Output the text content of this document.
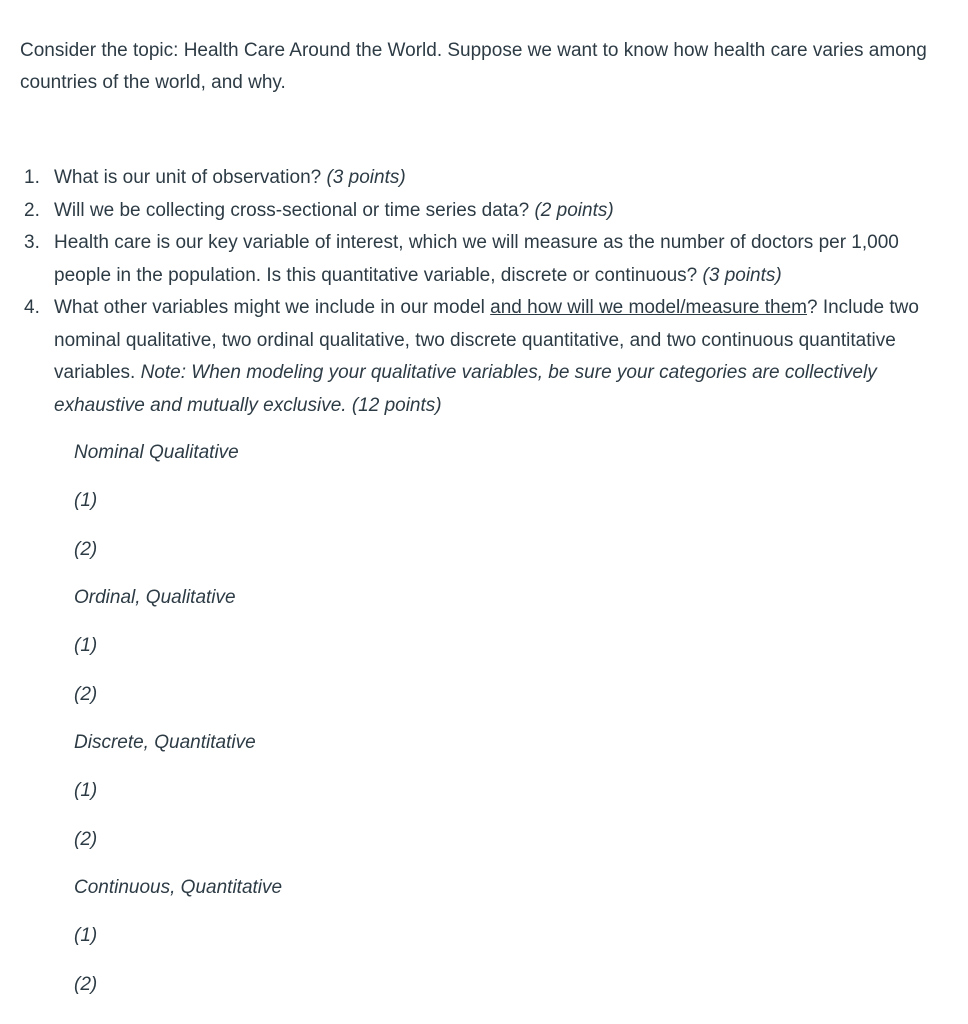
Consider the topic: Health Care Around the World. Suppose we want to know how health care varies among countries of the world, and why.

1. What is our unit of observation? (3 points)
2. Will we be collecting cross-sectional or time series data? (2 points)
3. Health care is our key variable of interest, which we will measure as the number of doctors per 1,000 people in the population. Is this quantitative variable, discrete or continuous? (3 points)
4. What other variables might we include in our model and how will we model/measure them? Include two nominal qualitative, two ordinal qualitative, two discrete quantitative, and two continuous quantitative variables. Note: When modeling your qualitative variables, be sure your categories are collectively exhaustive and mutually exclusive. (12 points)
Nominal Qualitative
(1)
(2)
Ordinal, Qualitative
(1)
(2)
Discrete, Quantitative
(1)
(2)
Continuous, Quantitative
(1)
(2)
